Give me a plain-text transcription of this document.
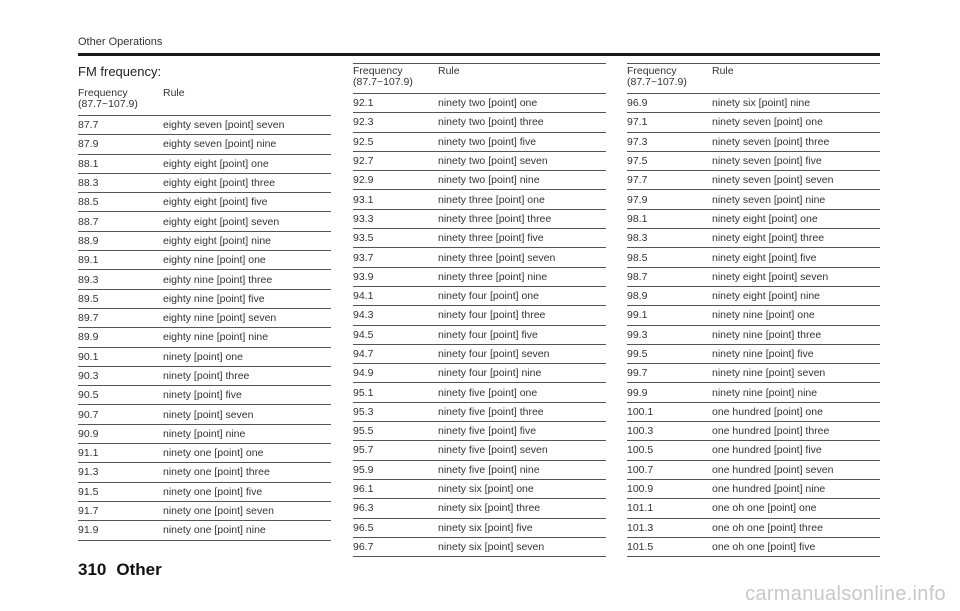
Other Operations
FM frequency:
Frequency
(87.7~107.9)
Rule
87.7	eighty seven [point] seven
87.9	eighty seven [point] nine
88.1	eighty eight [point] one
88.3	eighty eight [point] three
88.5	eighty eight [point] five
88.7	eighty eight [point] seven
88.9	eighty eight [point] nine
89.1	eighty nine [point] one
89.3	eighty nine [point] three
89.5	eighty nine [point] five
89.7	eighty nine [point] seven
89.9	eighty nine [point] nine
90.1	ninety [point] one
90.3	ninety [point] three
90.5	ninety [point] five
90.7	ninety [point] seven
90.9	ninety [point] nine
91.1	ninety one [point] one
91.3	ninety one [point] three
91.5	ninety one [point] five
91.7	ninety one [point] seven
91.9	ninety one [point] nine
Frequency
(87.7~107.9)
Rule
92.1	ninety two [point] one
92.3	ninety two [point] three
92.5	ninety two [point] five
92.7	ninety two [point] seven
92.9	ninety two [point] nine
93.1	ninety three [point] one
93.3	ninety three [point] three
93.5	ninety three [point] five
93.7	ninety three [point] seven
93.9	ninety three [point] nine
94.1	ninety four [point] one
94.3	ninety four [point] three
94.5	ninety four [point] five
94.7	ninety four [point] seven
94.9	ninety four [point] nine
95.1	ninety five [point] one
95.3	ninety five [point] three
95.5	ninety five [point] five
95.7	ninety five [point] seven
95.9	ninety five [point] nine
96.1	ninety six [point] one
96.3	ninety six [point] three
96.5	ninety six [point] five
96.7	ninety six [point] seven
Frequency
(87.7~107.9)
Rule
96.9	ninety six [point] nine
97.1	ninety seven [point] one
97.3	ninety seven [point] three
97.5	ninety seven [point] five
97.7	ninety seven [point] seven
97.9	ninety seven [point] nine
98.1	ninety eight [point] one
98.3	ninety eight [point] three
98.5	ninety eight [point] five
98.7	ninety eight [point] seven
98.9	ninety eight [point] nine
99.1	ninety nine [point] one
99.3	ninety nine [point] three
99.5	ninety nine [point] five
99.7	ninety nine [point] seven
99.9	ninety nine [point] nine
100.1	one hundred [point] one
100.3	one hundred [point] three
100.5	one hundred [point] five
100.7	one hundred [point] seven
100.9	one hundred [point] nine
101.1	one oh one [point] one
101.3	one oh one [point] three
101.5	one oh one [point] five
310 Other
carmanualsonline.info
